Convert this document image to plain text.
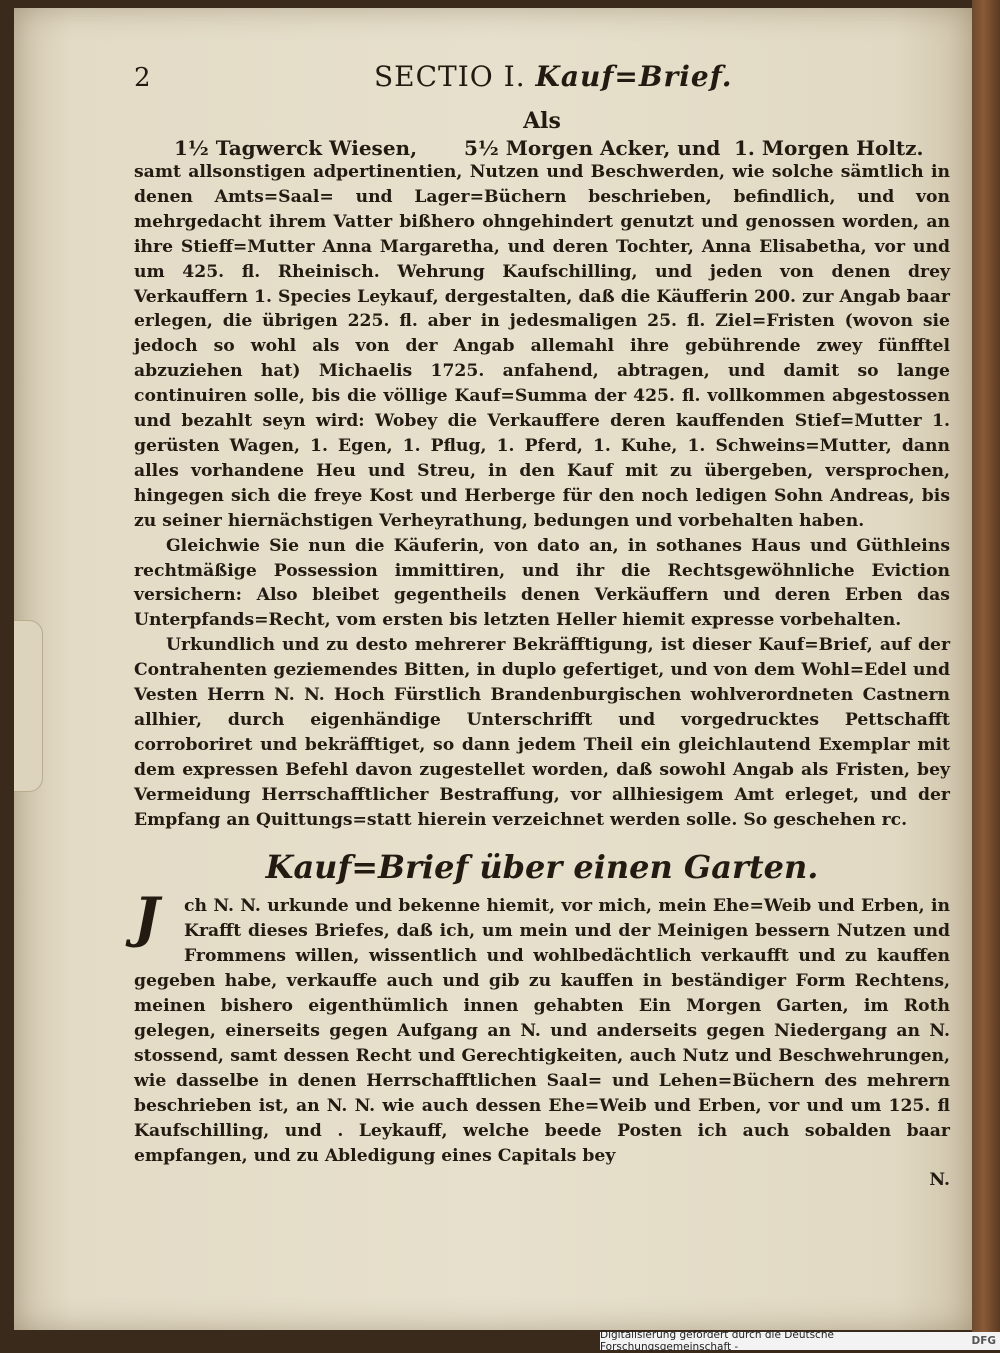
2	SECTIO I. Kauf=Brief.
Als
1½ Tagwerck Wiesen,	5½ Morgen Acker, und 1. Morgen Holtz.

samt allsonstigen adpertinentien, Nutzen und Beschwerden, wie solche sämtlich in denen Amts=Saal= und Lager=Büchern beschrieben, befindlich, und von mehrgedacht ihrem Vatter bißhero ohngehindert genutzt und genossen worden, an ihre Stieff=Mutter Anna Margaretha, und deren Tochter, Anna Elisabetha, vor und um 425. fl. Rheinisch. Wehrung Kaufschilling, und jeden von denen drey Verkauffern 1. Species Leykauf, dergestalten, daß die Käufferin 200. zur Angab baar erlegen, die übrigen 225. fl. aber in jedesmaligen 25. fl. Ziel=Fristen (wovon sie jedoch so wohl als von der Angab allemahl ihre gebührende zwey fünfftel abzuziehen hat) Michaelis 1725. anfahend, abtragen, und damit so lange continuiren solle, bis die völlige Kauf=Summa der 425. fl. vollkommen abgestossen und bezahlt seyn wird: Wobey die Verkauffere deren kauffenden Stief=Mutter 1. gerüsten Wagen, 1. Egen, 1. Pflug, 1. Pferd, 1. Kuhe, 1. Schweins=Mutter, dann alles vorhandene Heu und Streu, in den Kauf mit zu übergeben, versprochen, hingegen sich die freye Kost und Herberge für den noch ledigen Sohn Andreas, bis zu seiner hiernächstigen Verheyrathung, bedungen und vorbehalten haben.

Gleichwie Sie nun die Käuferin, von dato an, in sothanes Haus und Güthleins rechtmäßige Possession immittiren, und ihr die Rechtsgewöhnliche Eviction versichern: Also bleibet gegentheils denen Verkäuffern und deren Erben das Unterpfands=Recht, vom ersten bis letzten Heller hiemit expresse vorbehalten.

Urkundlich und zu desto mehrerer Bekräfftigung, ist dieser Kauf=Brief, auf der Contrahenten geziemendes Bitten, in duplo gefertiget, und von dem Wohl=Edel und Vesten Herrn N. N. Hoch Fürstlich Brandenburgischen wohlverordneten Castnern allhier, durch eigenhändige Unterschrifft und vorgedrucktes Pettschafft corroboriret und bekräfftiget, so dann jedem Theil ein gleichlautend Exemplar mit dem expressen Befehl davon zugestellet worden, daß sowohl Angab als Fristen, bey Vermeidung Herrschafftlicher Bestraffung, vor allhiesigem Amt erleget, und der Empfang an Quittungs=statt hierein verzeichnet werden solle. So geschehen rc.

Kauf=Brief über einen Garten.
J	ch N. N. urkunde und bekenne hiemit, vor mich, mein Ehe=Weib und Erben, in Krafft dieses Briefes, daß ich, um mein und der Meinigen bessern Nutzen und Frommens willen, wissentlich und wohlbedächtlich verkaufft und zu kauffen gegeben habe, verkauffe auch und gib zu kauffen in beständiger Form Rechtens, meinen bishero eigenthümlich innen gehabten Ein Morgen Garten, im Roth gelegen, einerseits gegen Aufgang an N. und anderseits gegen Niedergang an N. stossend, samt dessen Recht und Gerechtigkeiten, auch Nutz und Beschwehrungen, wie dasselbe in denen Herrschafftlichen Saal= und Lehen=Büchern des mehrern beschrieben ist, an N. N. wie auch dessen Ehe=Weib und Erben, vor und um 125. fl Kaufschilling, und . Leykauff, welche beede Posten ich auch sobalden baar empfangen, und zu Abledigung eines Capitals bey
N.
Digitalisierung gefördert durch die Deutsche Forschungsgemeinschaft -	DFG
